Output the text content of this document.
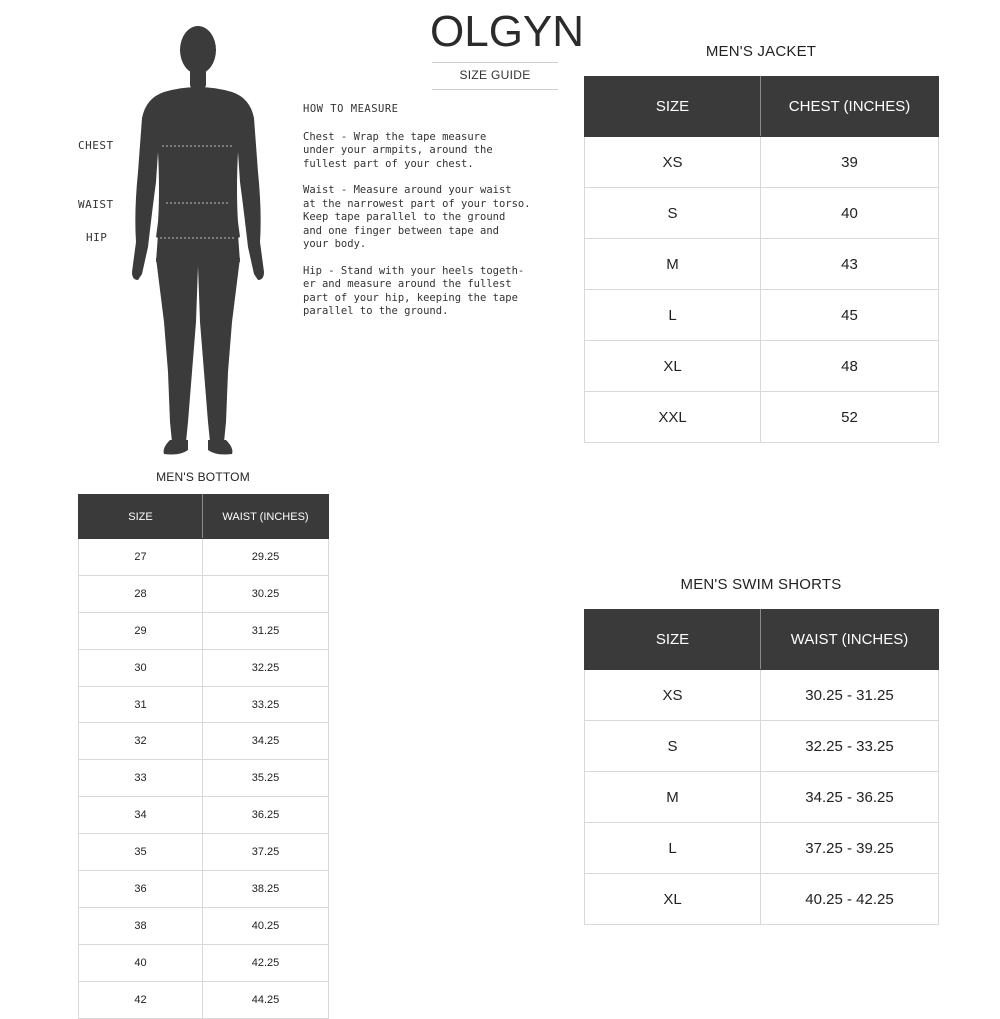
OLGYN
SIZE GUIDE
CHEST
WAIST
HIP
HOW TO MEASURE

Chest - Wrap the tape measure
under your armpits, around the
fullest part of your chest.

Waist - Measure around your waist
at the narrowest part of your torso.
Keep tape parallel to the ground
and one finger between tape and
your body.

Hip - Stand with your heels togeth-
er and measure around the fullest
part of your hip, keeping the tape
parallel to the ground.

MEN'S JACKET
SIZE	CHEST (INCHES)
XS	39
S	40
M	43
L	45
XL	48
XXL	52
MEN'S BOTTOM
SIZE	WAIST (INCHES)
27	29.25
28	30.25
29	31.25
30	32.25
31	33.25
32	34.25
33	35.25
34	36.25
35	37.25
36	38.25
38	40.25
40	42.25
42	44.25
MEN'S SWIM SHORTS
SIZE	WAIST (INCHES)
XS	30.25 - 31.25
S	32.25 - 33.25
M	34.25 - 36.25
L	37.25 - 39.25
XL	40.25 - 42.25
